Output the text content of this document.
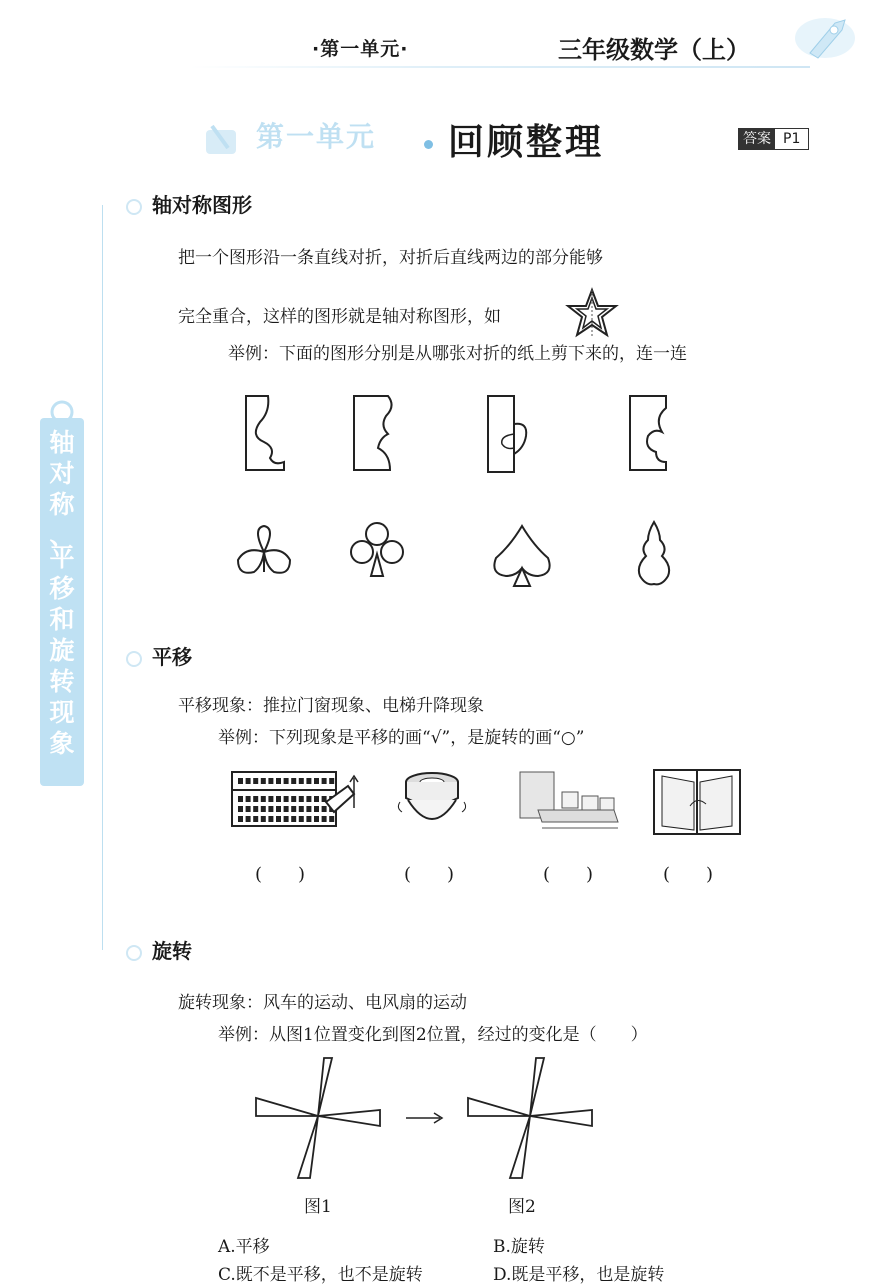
·第一单元·	三年级数学（上）
第一单元 回顾整理	答案 P1
轴
对
称
、
平
移
和
旋
转
现
象
轴对称图形
把一个图形沿一条直线对折，对折后直线两边的部分能够
完全重合，这样的图形就是轴对称图形，如
举例：下面的图形分别是从哪张对折的纸上剪下来的，连一连
平移
平移现象：推拉门窗现象、电梯升降现象
举例：下列现象是平移的画“√”，是旋转的画“○”
(　　)	(　　)	(　　)	(　　)
旋转
旋转现象：风车的运动、电风扇的运动
举例：从图1位置变化到图2位置，经过的变化是（　　）
图1	图2
A.平移	B.旋转
C.既不是平移，也不是旋转	D.既是平移，也是旋转
